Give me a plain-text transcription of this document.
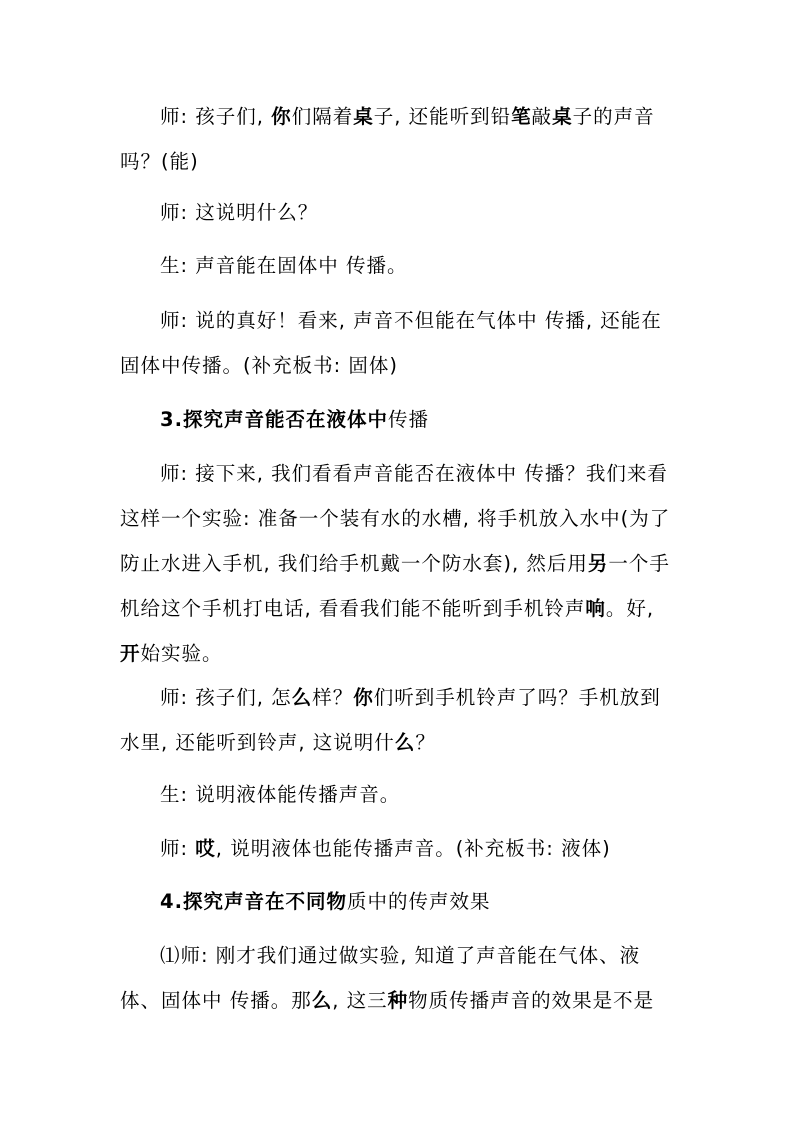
师: 孩子们, 你们隔着桌子, 还能听到铅笔敲桌子的声音吗？(能)
师: 这说明什么？
生: 声音能在固体中 传播。
师: 说的真好！看来, 声音不但能在气体中 传播, 还能在固体中传播。(补充板书: 固体)
3.探究声音能否在液体中传播
师: 接下来, 我们看看声音能否在液体中 传播？我们来看这样一个实验: 准备一个装有水的水槽, 将手机放入水中(为了防止水进入手机, 我们给手机戴一个防水套), 然后用另一个手机给这个手机打电话, 看看我们能不能听到手机铃声响。好, 开始实验。
师: 孩子们, 怎么样？你们听到手机铃声了吗？手机放到水里, 还能听到铃声, 这说明什么？
生: 说明液体能传播声音。
师: 哎, 说明液体也能传播声音。(补充板书: 液体)
4.探究声音在不同物质中的传声效果
⑴师: 刚才我们通过做实验, 知道了声音能在气体、液体、固体中 传播。那么, 这三种物质传播声音的效果是不是
